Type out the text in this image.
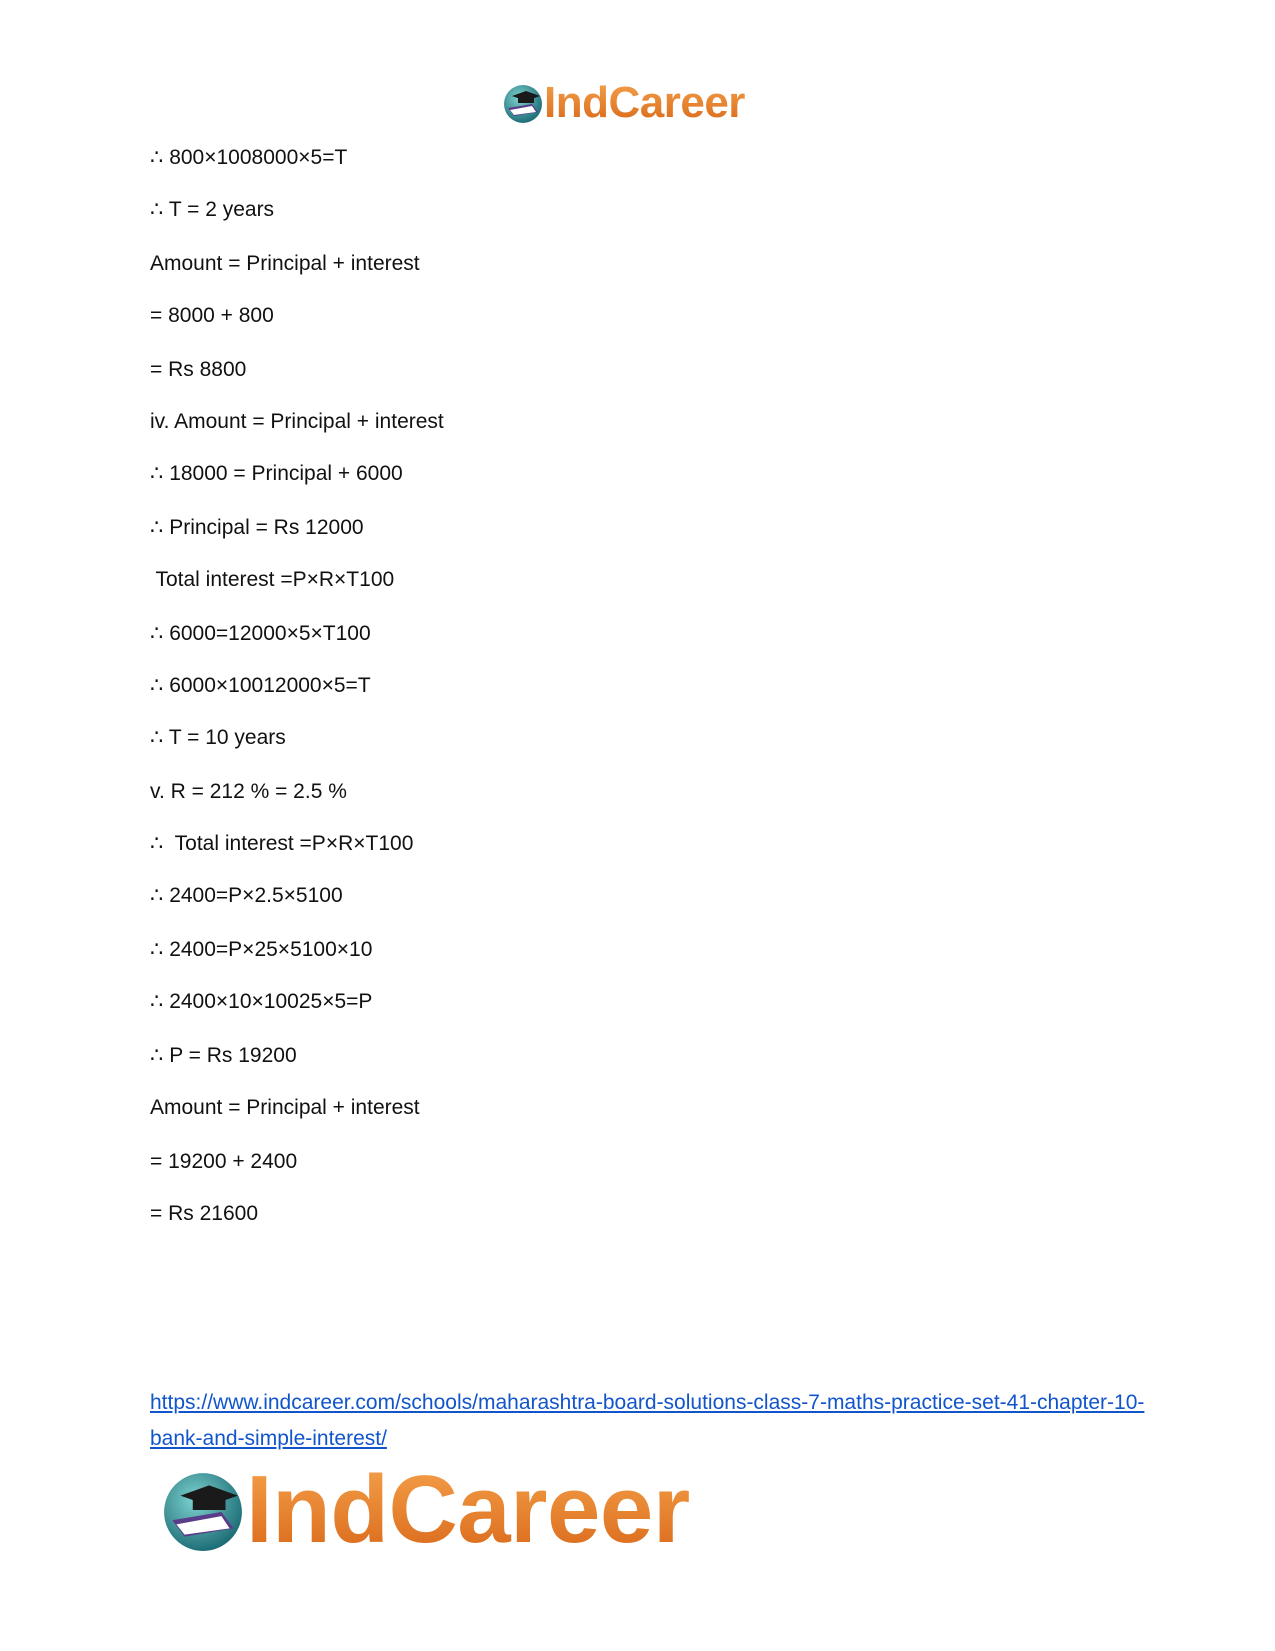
IndCareer
∴ 800×1008000×5=T
∴ T = 2 years
Amount = Principal + interest
= 8000 + 800
= Rs 8800
iv. Amount = Principal + interest
∴ 18000 = Principal + 6000
∴ Principal = Rs 12000
Total interest =P×R×T100
∴ 6000=12000×5×T100
∴ 6000×10012000×5=T
∴ T = 10 years
v. R = 212 % = 2.5 %
∴  Total interest =P×R×T100
∴ 2400=P×2.5×5100
∴ 2400=P×25×5100×10
∴ 2400×10×10025×5=P
∴ P = Rs 19200
Amount = Principal + interest
= 19200 + 2400
= Rs 21600
https://www.indcareer.com/schools/maharashtra-board-solutions-class-7-maths-practice-set-41-chapter-10-bank-and-simple-interest/
IndCareer
